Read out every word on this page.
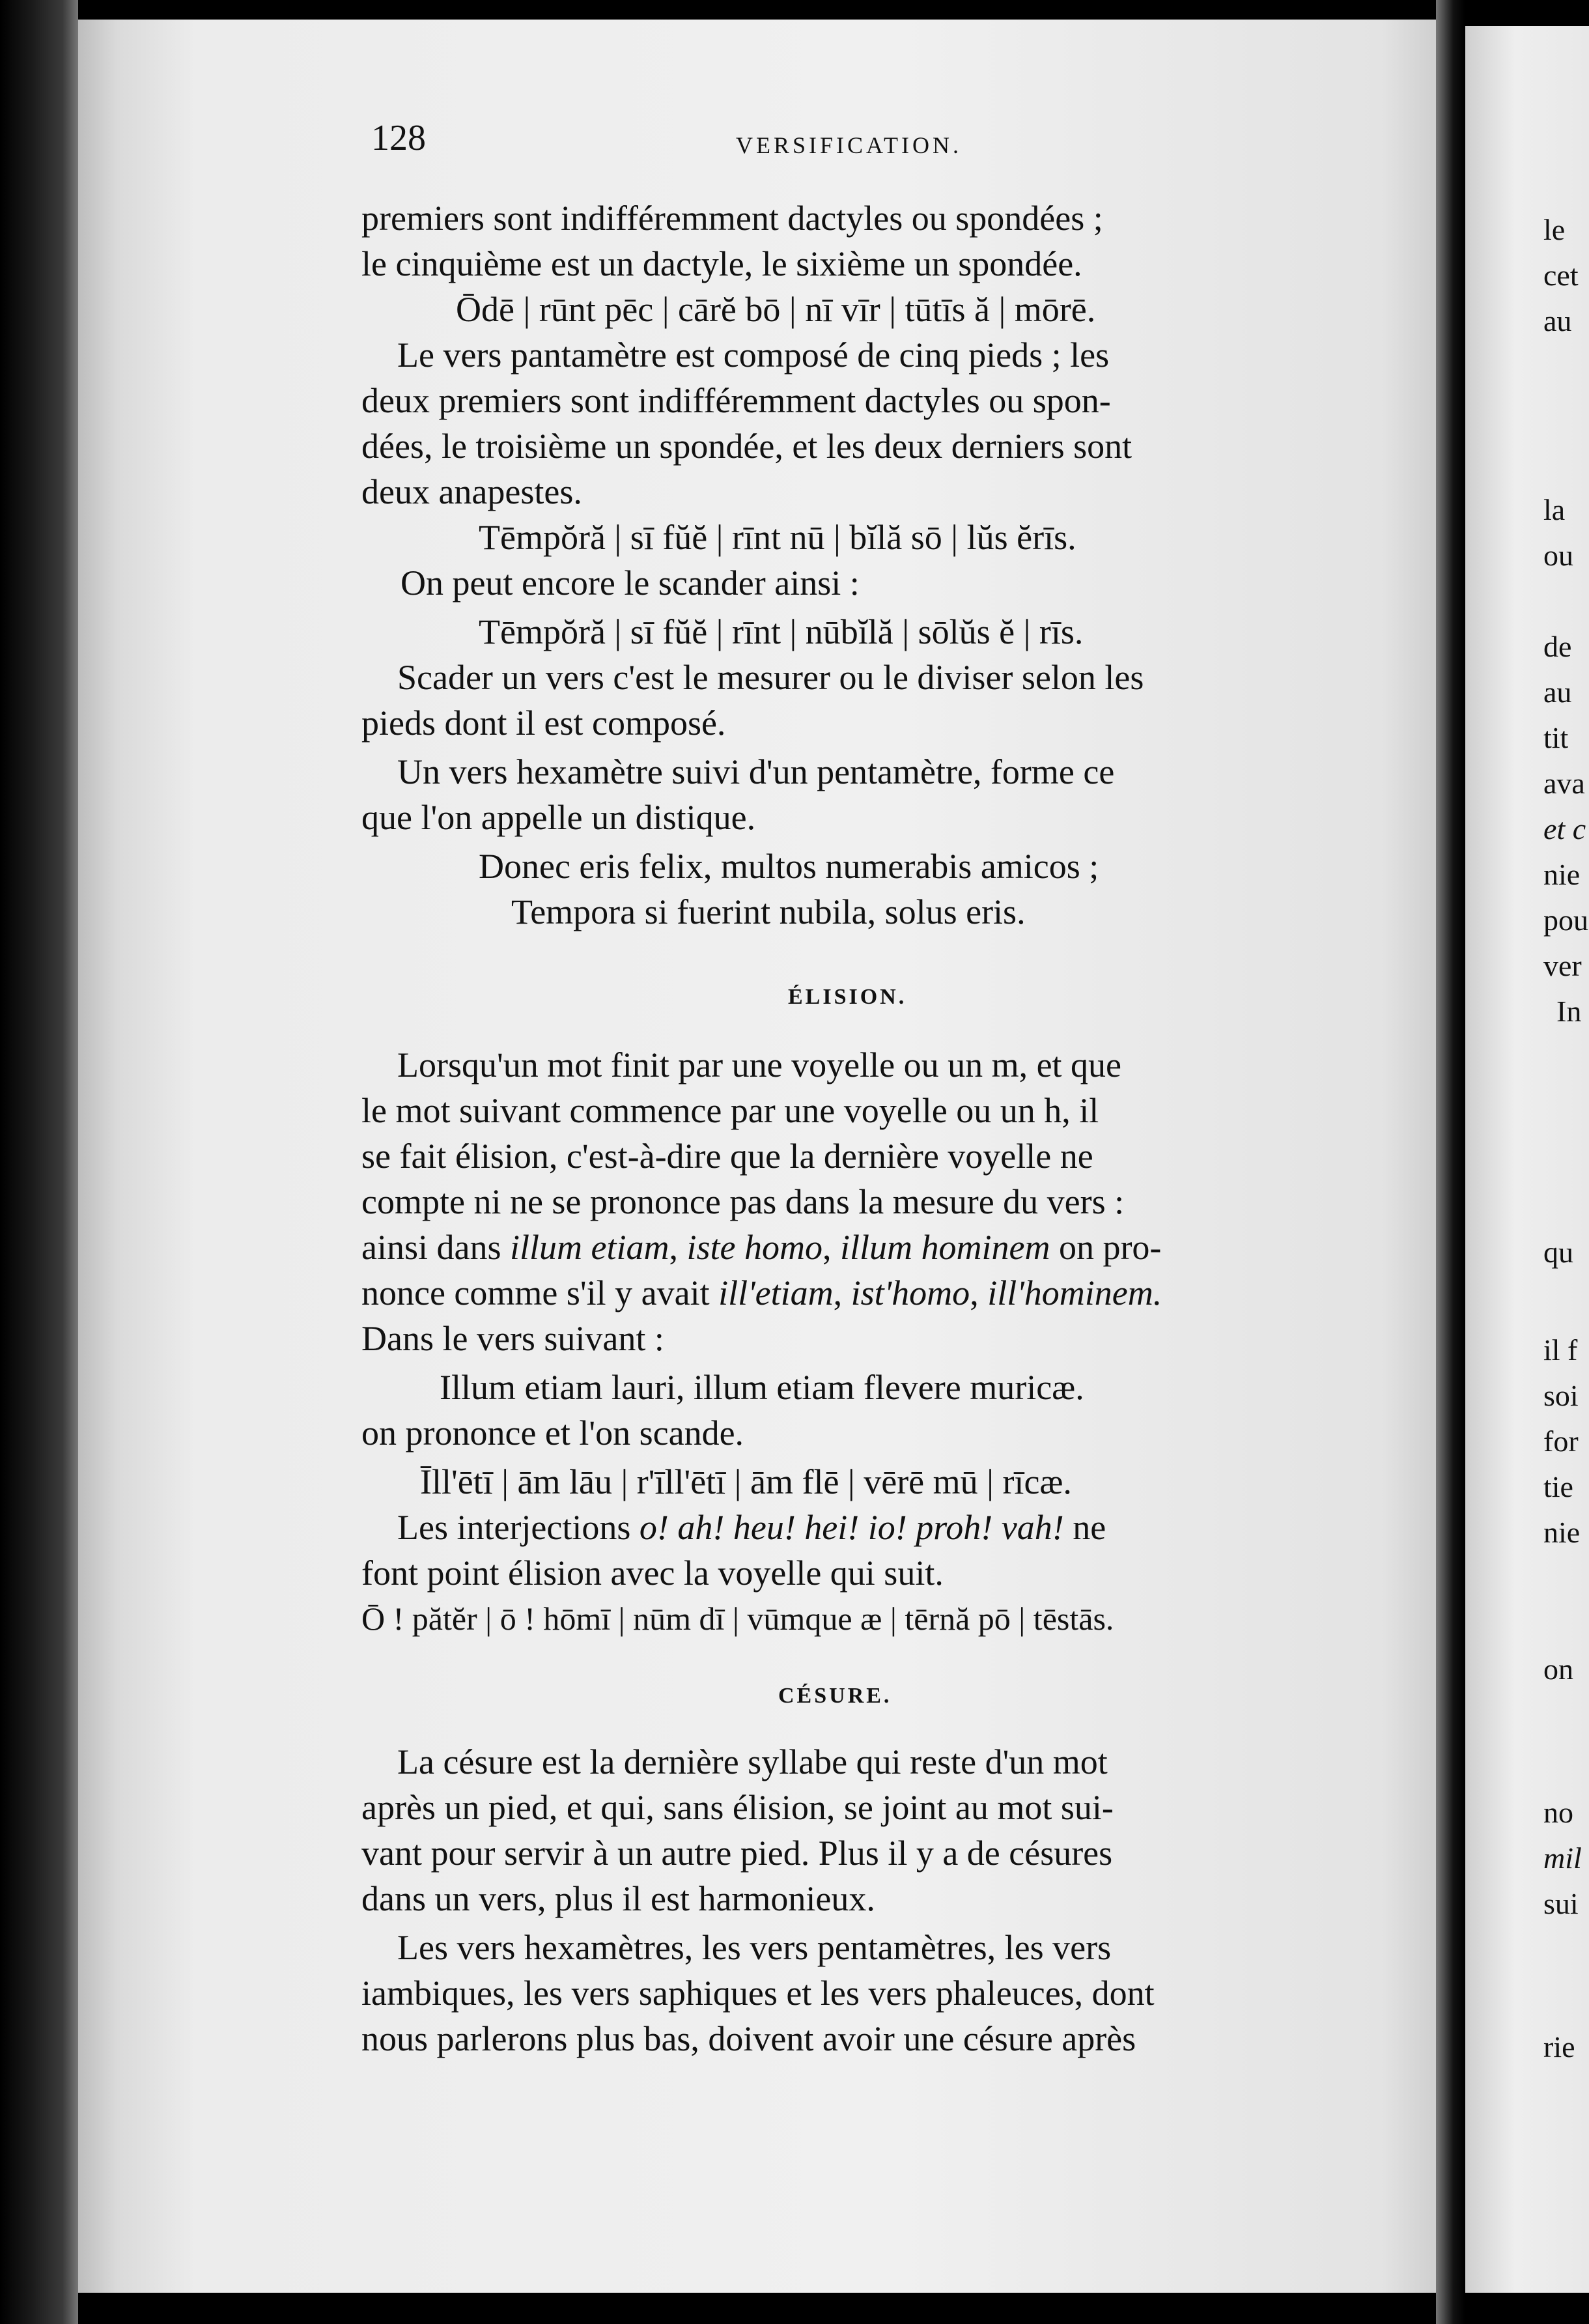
128	VERSIFICATION.
premiers sont indifféremment dactyles ou spondées ;
le cinquième est un dactyle, le sixième un spondée.
Ōdē | rūnt pēc | cārĕ bō | nī vīr | tūtīs ă | mōrē.
Le vers pantamètre est composé de cinq pieds ; les
deux premiers sont indifféremment dactyles ou spon-
dées, le troisième un spondée, et les deux derniers sont
deux anapestes.
Tēmpŏră | sī fŭĕ | rīnt nū | bĭlă sō | lŭs ĕrīs.
On peut encore le scander ainsi :
Tēmpŏră | sī fŭĕ | rīnt | nūbĭlă | sōlŭs ĕ | rīs.
Scader un vers c'est le mesurer ou le diviser selon les
pieds dont il est composé.
Un vers hexamètre suivi d'un pentamètre, forme ce
que l'on appelle un distique.
Donec eris felix, multos numerabis amicos ;
Tempora si fuerint nubila, solus eris.
ÉLISION.
Lorsqu'un mot finit par une voyelle ou un m, et que
le mot suivant commence par une voyelle ou un h, il
se fait élision, c'est-à-dire que la dernière voyelle ne
compte ni ne se prononce pas dans la mesure du vers :
ainsi dans illum etiam, iste homo, illum hominem on pro-
nonce comme s'il y avait ill'etiam, ist'homo, ill'hominem.
Dans le vers suivant :
Illum etiam lauri, illum etiam flevere muricæ.
on prononce et l'on scande.
Īll'ētī | ām lāu | r'īll'ētī | ām flē | vērē mū | rīcæ.
Les interjections o! ah! heu! hei! io! proh! vah! ne
font point élision avec la voyelle qui suit.
Ō ! pătĕr | ō ! hōmī | nūm dī | vūmque æ | tērnă pō | tēstās.
CÉSURE.
La césure est la dernière syllabe qui reste d'un mot
après un pied, et qui, sans élision, se joint au mot sui-
vant pour servir à un autre pied. Plus il y a de césures
dans un vers, plus il est harmonieux.
Les vers hexamètres, les vers pentamètres, les vers
iambiques, les vers saphiques et les vers phaleuces, dont
nous parlerons plus bas, doivent avoir une césure après
le
cet
au
la
ou
de
au
tit
ava
et c
nie
pou
ver
In
qu
il f
soi
for
tie
nie
on
no
mil
sui
rie
